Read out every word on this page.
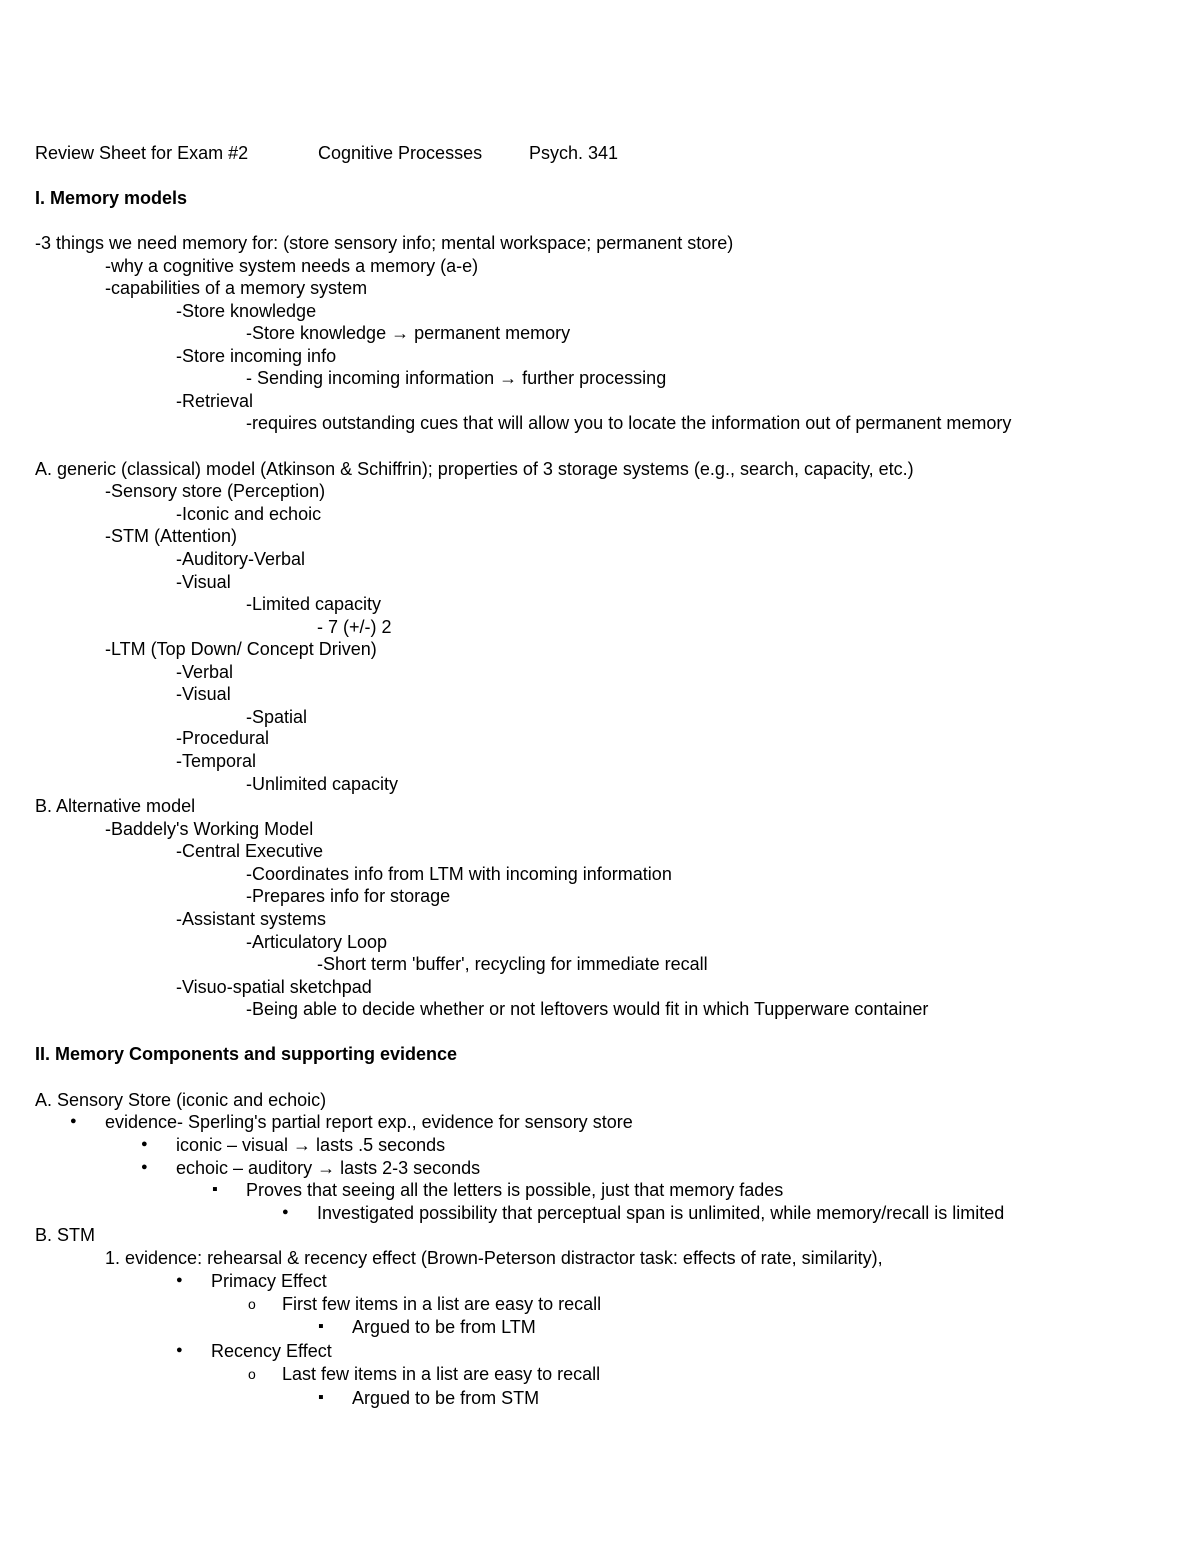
Review Sheet for Exam #2	Cognitive Processes	Psych. 341
I. Memory models
-3 things we need memory for: (store sensory info; mental workspace; permanent store)
-why a cognitive system needs a memory (a-e)
-capabilities of a memory system
-Store knowledge
-Store knowledge → permanent memory
-Store incoming info
- Sending incoming information → further processing
-Retrieval
-requires outstanding cues that will allow you to locate the information out of permanent memory
A. generic (classical) model (Atkinson & Schiffrin); properties of 3 storage systems (e.g., search, capacity, etc.)
-Sensory store (Perception)
-Iconic and echoic
-STM (Attention)
-Auditory-Verbal
-Visual
-Limited capacity
- 7 (+/-) 2
-LTM (Top Down/ Concept Driven)
-Verbal
-Visual
-Spatial
-Procedural
-Temporal
-Unlimited capacity
B. Alternative model
-Baddely's Working Model
-Central Executive
-Coordinates info from LTM with incoming information
-Prepares info for storage
-Assistant systems
-Articulatory Loop
-Short term 'buffer', recycling for immediate recall
-Visuo-spatial sketchpad
-Being able to decide whether or not leftovers would fit in which Tupperware container
II. Memory Components and supporting evidence
A. Sensory Store (iconic and echoic)
●
evidence- Sperling's partial report exp., evidence for sensory store
●
iconic – visual → lasts .5 seconds
●
echoic – auditory → lasts 2-3 seconds
▪
Proves that seeing all the letters is possible, just that memory fades
●
Investigated possibility that perceptual span is unlimited, while memory/recall is limited
B. STM
1. evidence: rehearsal & recency effect (Brown-Peterson distractor task: effects of rate, similarity),
●
Primacy Effect
o
First few items in a list are easy to recall
▪
Argued to be from LTM
●
Recency Effect
o
Last few items in a list are easy to recall
▪
Argued to be from STM
